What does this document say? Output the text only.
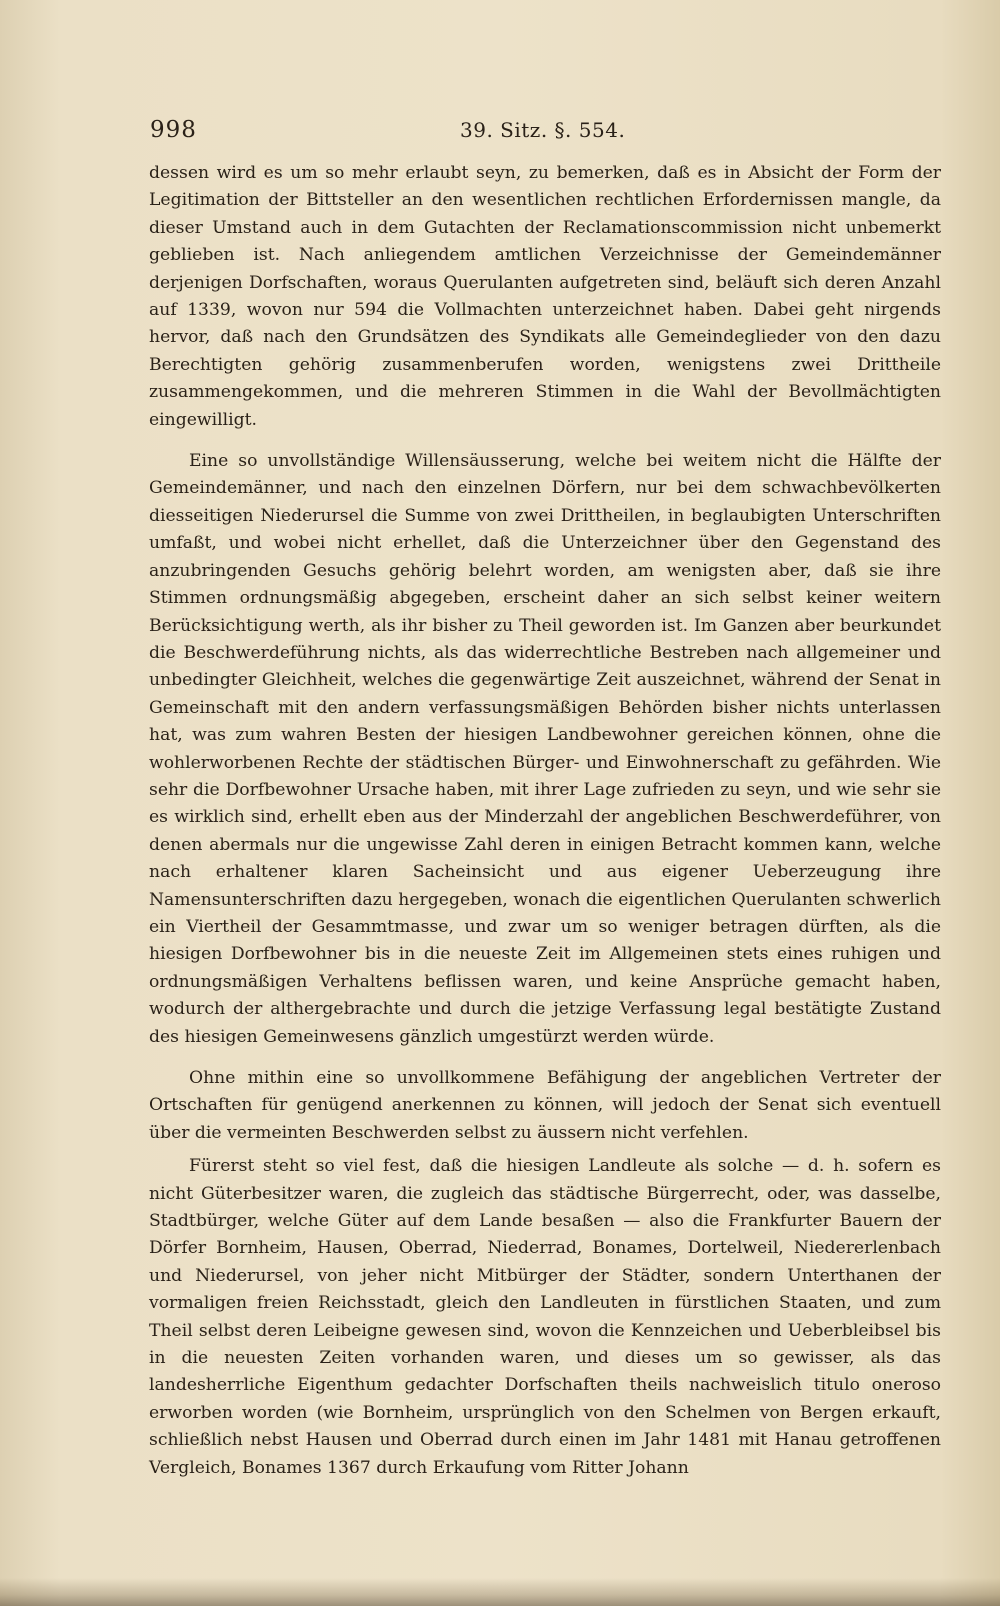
998	39. Sitz. §. 554.

dessen wird es um so mehr erlaubt seyn, zu bemerken, daß es in Absicht der Form der Legitimation der Bittsteller an den wesentlichen rechtlichen Erfordernissen mangle, da dieser Umstand auch in dem Gutachten der Reclamationscommission nicht unbemerkt geblieben ist. Nach anliegendem amtlichen Verzeichnisse der Gemeindemänner derjenigen Dorfschaften, woraus Querulanten aufgetreten sind, beläuft sich deren Anzahl auf 1339, wovon nur 594 die Vollmachten unterzeichnet haben. Dabei geht nirgends hervor, daß nach den Grundsätzen des Syndikats alle Gemeindeglieder von den dazu Berechtigten gehörig zusammenberufen worden, wenigstens zwei Drittheile zusammengekommen, und die mehreren Stimmen in die Wahl der Bevollmächtigten eingewilligt.

Eine so unvollständige Willensäusserung, welche bei weitem nicht die Hälfte der Gemeindemänner, und nach den einzelnen Dörfern, nur bei dem schwachbevölkerten diesseitigen Niederursel die Summe von zwei Drittheilen, in beglaubigten Unterschriften umfaßt, und wobei nicht erhellet, daß die Unterzeichner über den Gegenstand des anzubringenden Gesuchs gehörig belehrt worden, am wenigsten aber, daß sie ihre Stimmen ordnungsmäßig abgegeben, erscheint daher an sich selbst keiner weitern Berücksichtigung werth, als ihr bisher zu Theil geworden ist. Im Ganzen aber beurkundet die Beschwerdeführung nichts, als das widerrechtliche Bestreben nach allgemeiner und unbedingter Gleichheit, welches die gegenwärtige Zeit auszeichnet, während der Senat in Gemeinschaft mit den andern verfassungsmäßigen Behörden bisher nichts unterlassen hat, was zum wahren Besten der hiesigen Landbewohner gereichen können, ohne die wohlerworbenen Rechte der städtischen Bürger- und Einwohnerschaft zu gefährden. Wie sehr die Dorfbewohner Ursache haben, mit ihrer Lage zufrieden zu seyn, und wie sehr sie es wirklich sind, erhellt eben aus der Minderzahl der angeblichen Beschwerdeführer, von denen abermals nur die ungewisse Zahl deren in einigen Betracht kommen kann, welche nach erhaltener klaren Sacheinsicht und aus eigener Ueberzeugung ihre Namensunterschriften dazu hergegeben, wonach die eigentlichen Querulanten schwerlich ein Viertheil der Gesammtmasse, und zwar um so weniger betragen dürften, als die hiesigen Dorfbewohner bis in die neueste Zeit im Allgemeinen stets eines ruhigen und ordnungsmäßigen Verhaltens beflissen waren, und keine Ansprüche gemacht haben, wodurch der althergebrachte und durch die jetzige Verfassung legal bestätigte Zustand des hiesigen Gemeinwesens gänzlich umgestürzt werden würde.

Ohne mithin eine so unvollkommene Befähigung der angeblichen Vertreter der Ortschaften für genügend anerkennen zu können, will jedoch der Senat sich eventuell über die vermeinten Beschwerden selbst zu äussern nicht verfehlen.

Fürerst steht so viel fest, daß die hiesigen Landleute als solche — d. h. sofern es nicht Güterbesitzer waren, die zugleich das städtische Bürgerrecht, oder, was dasselbe, Stadtbürger, welche Güter auf dem Lande besaßen — also die Frankfurter Bauern der Dörfer Bornheim, Hausen, Oberrad, Niederrad, Bonames, Dortelweil, Niedererlenbach und Niederursel, von jeher nicht Mitbürger der Städter, sondern Unterthanen der vormaligen freien Reichsstadt, gleich den Landleuten in fürstlichen Staaten, und zum Theil selbst deren Leibeigne gewesen sind, wovon die Kennzeichen und Ueberbleibsel bis in die neuesten Zeiten vorhanden waren, und dieses um so gewisser, als das landesherrliche Eigenthum gedachter Dorfschaften theils nachweislich titulo oneroso erworben worden (wie Bornheim, ursprünglich von den Schelmen von Bergen erkauft, schließlich nebst Hausen und Oberrad durch einen im Jahr 1481 mit Hanau getroffenen Vergleich, Bonames 1367 durch Erkaufung vom Ritter Johann
